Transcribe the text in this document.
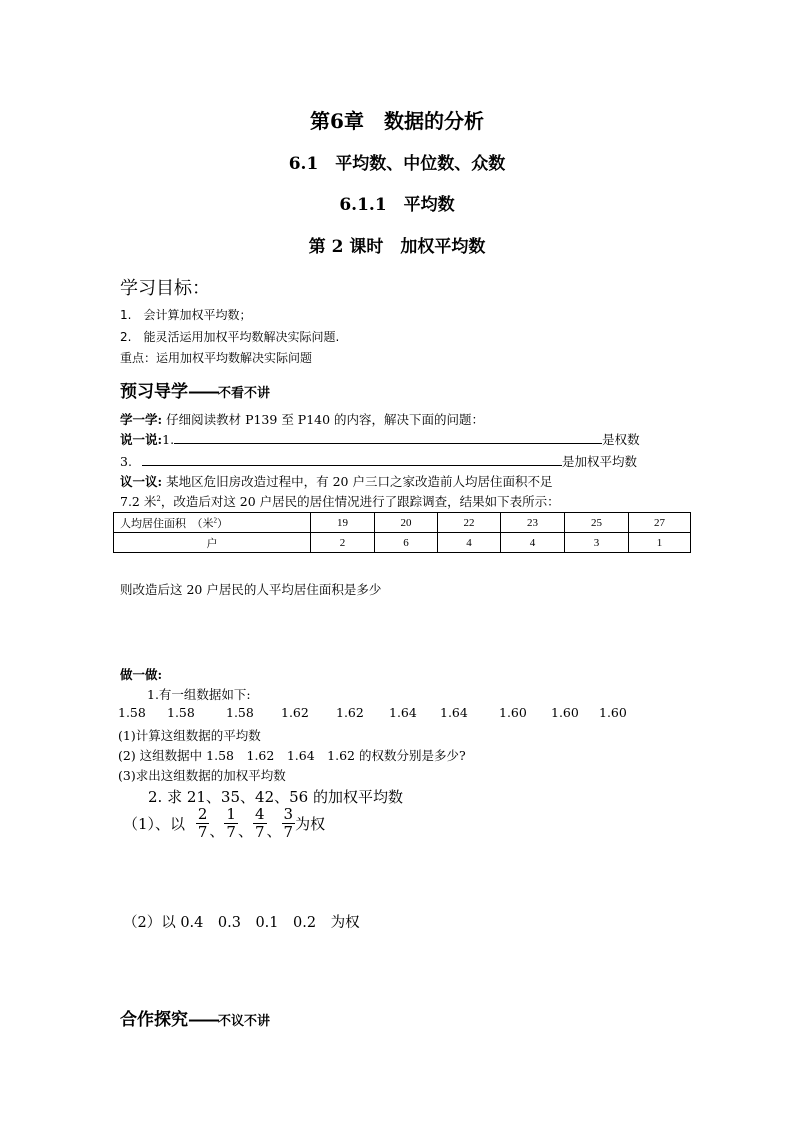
第6章　数据的分析
6.1　平均数、中位数、众数
6.1.1　平均数
第 2 课时　加权平均数
学习目标：
1.　会计算加权平均数；
2.　能灵活运用加权平均数解决实际问题.
重点：运用加权平均数解决实际问题
预习导学——不看不讲
学一学: 仔细阅读教材 P139 至 P140 的内容，解决下面的问题：
说一说:1.	是权数
3.	是加权平均数
议一议: 某地区危旧房改造过程中，有 20 户三口之家改造前人均居住面积不足
7.2 米$^2$，改造后对这 20 户居民的居住情况进行了跟踪调查，结果如下表所示：
人均居住面积　（米$^2$）	19	20	22	23	25	27
户	2	6	4	4	3	1
则改造后这 20 户居民的人平均居住面积是多少
做一做:
1.有一组数据如下:
1.58 1.58 1.58 1.62 1.62 1.64 1.64 1.60 1.60 1.60
(1)计算这组数据的平均数
(2) 这组数据中 1.58　1.62　1.64　1.62 的权数分别是多少?
(3)求出这组数据的加权平均数
2. 求 21、35、42、56 的加权平均数
（1）、以 $\frac{2}{7}$ 、 $\frac{1}{7}$ 、 $\frac{4}{7}$ 、 $\frac{3}{7}$ 为权
（2）以 0.4　0.3　0.1　0.2　为权
合作探究——不议不讲
